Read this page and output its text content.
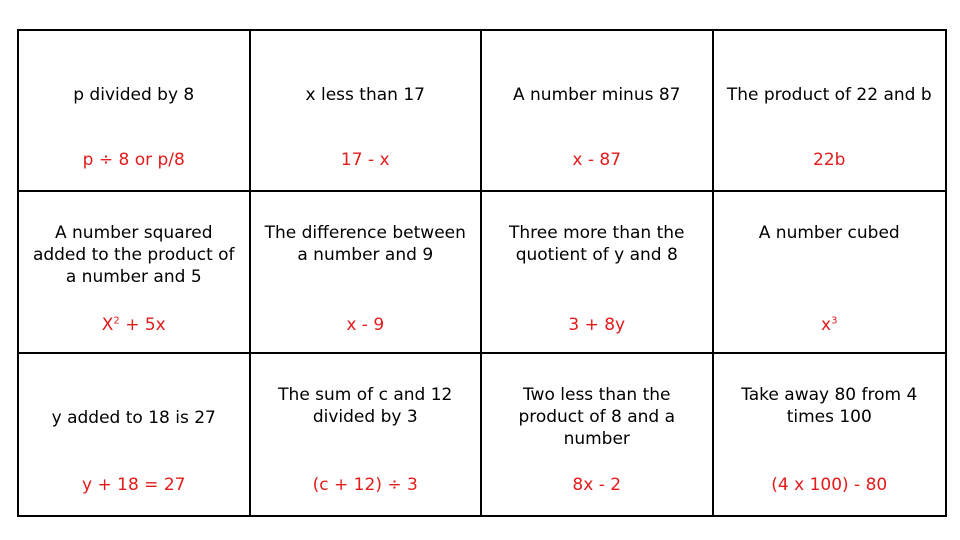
p divided by 8
p ÷ 8 or p/8
x less than 17
17 - x
A number minus 87
x - 87
The product of 22 and b
22b
A number squared added to the product of a number and 5
$X^2 + 5x$
The difference between a number and 9
x - 9
Three more than the quotient of y and 8
3 + 8y
A number cubed
$x^3$
y added to 18 is 27
y + 18 = 27
The sum of c and 12 divided by 3
(c + 12) ÷ 3
Two less than the product of 8 and a number
8x - 2
Take away 80 from 4 times 100
(4 x 100) - 80
